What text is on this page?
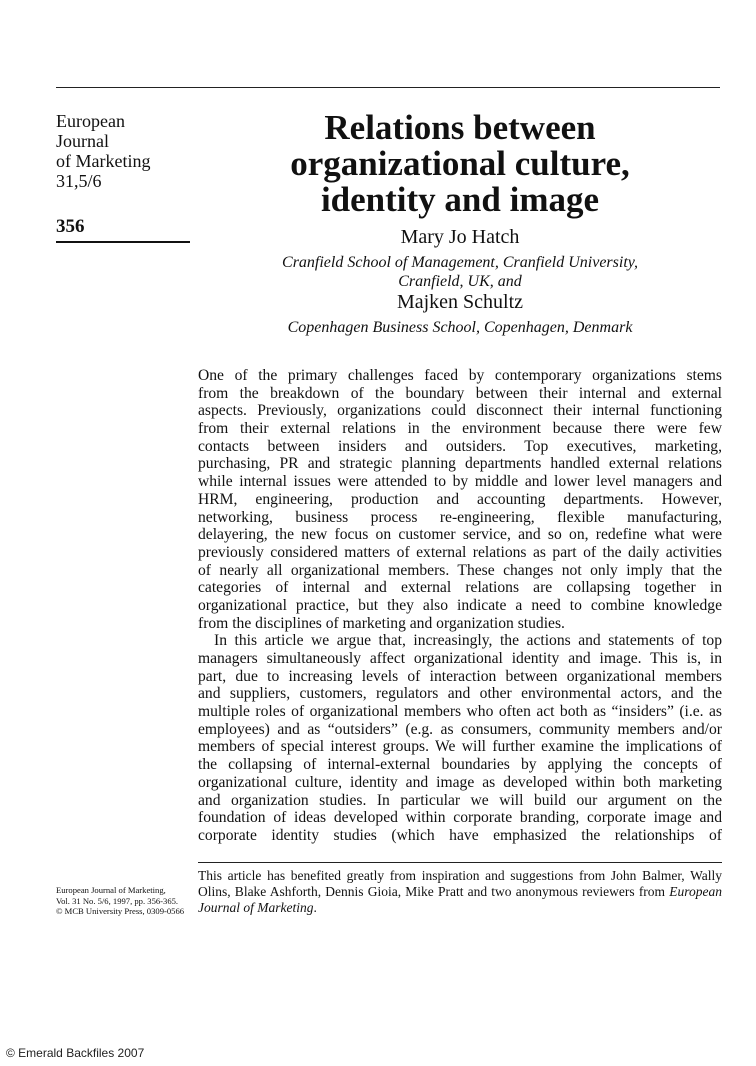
European
Journal
of Marketing
31,5/6
356
Relations between
organizational culture,
identity and image
Mary Jo Hatch
Cranfield School of Management, Cranfield University,
Cranfield, UK, and
Majken Schultz
Copenhagen Business School, Copenhagen, Denmark
One of the primary challenges faced by contemporary organizations stems
from the breakdown of the boundary between their internal and external
aspects. Previously, organizations could disconnect their internal functioning
from their external relations in the environment because there were few
contacts between insiders and outsiders. Top executives, marketing,
purchasing, PR and strategic planning departments handled external relations
while internal issues were attended to by middle and lower level managers and
HRM, engineering, production and accounting departments. However,
networking, business process re-engineering, flexible manufacturing,
delayering, the new focus on customer service, and so on, redefine what were
previously considered matters of external relations as part of the daily activities
of nearly all organizational members. These changes not only imply that the
categories of internal and external relations are collapsing together in
organizational practice, but they also indicate a need to combine knowledge
from the disciplines of marketing and organization studies.
In this article we argue that, increasingly, the actions and statements of top
managers simultaneously affect organizational identity and image. This is, in
part, due to increasing levels of interaction between organizational members
and suppliers, customers, regulators and other environmental actors, and the
multiple roles of organizational members who often act both as “insiders” (i.e. as
employees) and as “outsiders” (e.g. as consumers, community members and/or
members of special interest groups. We will further examine the implications of
the collapsing of internal-external boundaries by applying the concepts of
organizational culture, identity and image as developed within both marketing
and organization studies. In particular we will build our argument on the
foundation of ideas developed within corporate branding, corporate image and
corporate identity studies (which have emphasized the relationships of
This article has benefited greatly from inspiration and suggestions from John Balmer, Wally
Olins, Blake Ashforth, Dennis Gioia, Mike Pratt and two anonymous reviewers from European
Journal of Marketing.
European Journal of Marketing,
Vol. 31 No. 5/6, 1997, pp. 356-365.
© MCB University Press, 0309-0566
© Emerald Backfiles 2007
